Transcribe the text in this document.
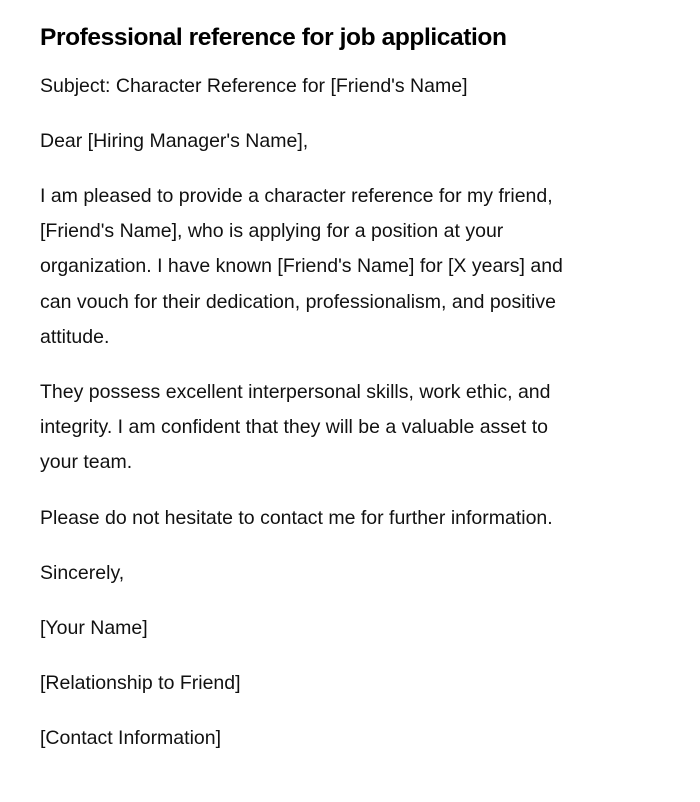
Professional reference for job application

Subject: Character Reference for [Friend's Name]

Dear [Hiring Manager's Name],

I am pleased to provide a character reference for my friend,
[Friend's Name], who is applying for a position at your
organization. I have known [Friend's Name] for [X years] and
can vouch for their dedication, professionalism, and positive
attitude.

They possess excellent interpersonal skills, work ethic, and
integrity. I am confident that they will be a valuable asset to
your team.

Please do not hesitate to contact me for further information.

Sincerely,

[Your Name]

[Relationship to Friend]

[Contact Information]
